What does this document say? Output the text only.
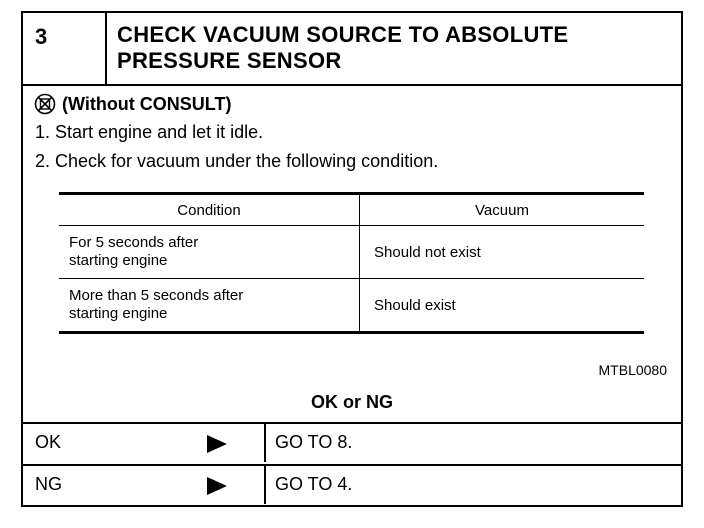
3	CHECK VACUUM SOURCE TO ABSOLUTE
PRESSURE SENSOR
(Without CONSULT)
1. Start engine and let it idle.
2. Check for vacuum under the following condition.
Condition	Vacuum

For 5 seconds after
starting engine	Should not exist

More than 5 seconds after
starting engine	Should exist
MTBL0080
OK or NG
OK	GO TO 8.
NG	GO TO 4.
